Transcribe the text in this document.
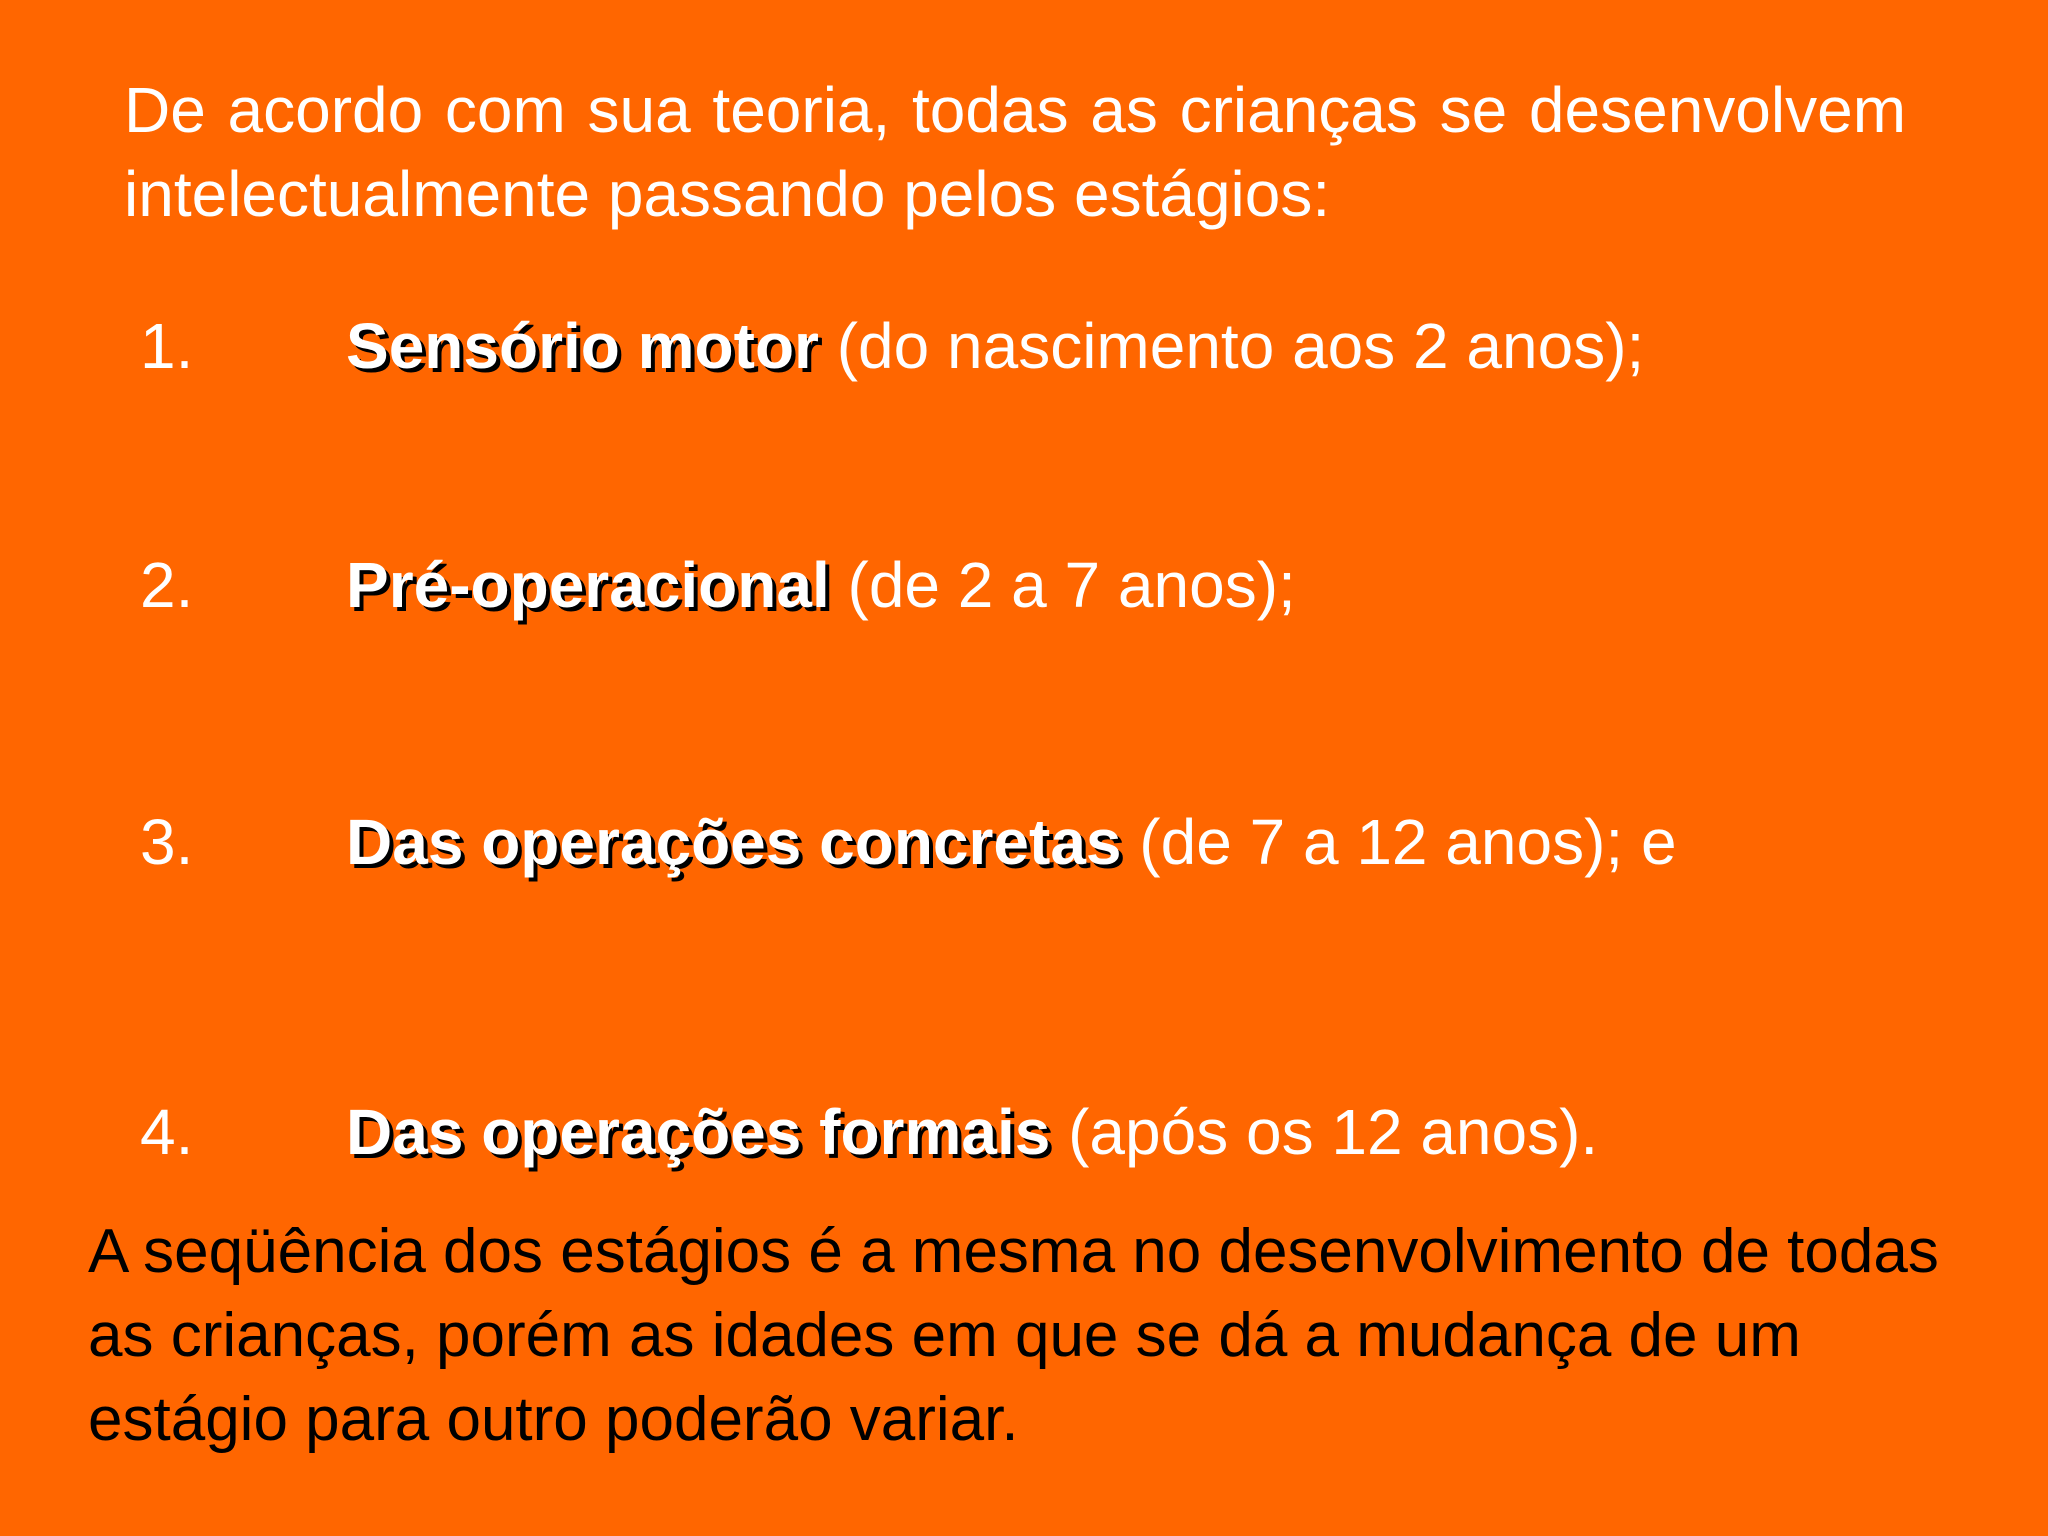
De acordo com sua teoria, todas as crianças se desenvolvem intelectualmente passando pelos estágios:

1. Sensório motor (do nascimento aos 2 anos);
2. Pré-operacional (de 2 a 7 anos);
3. Das operações concretas (de 7 a 12 anos); e
4. Das operações formais (após os 12 anos).

A seqüência dos estágios é a mesma no desenvolvimento de todas as crianças, porém as idades em que se dá a mudança de um estágio para outro poderão variar.
